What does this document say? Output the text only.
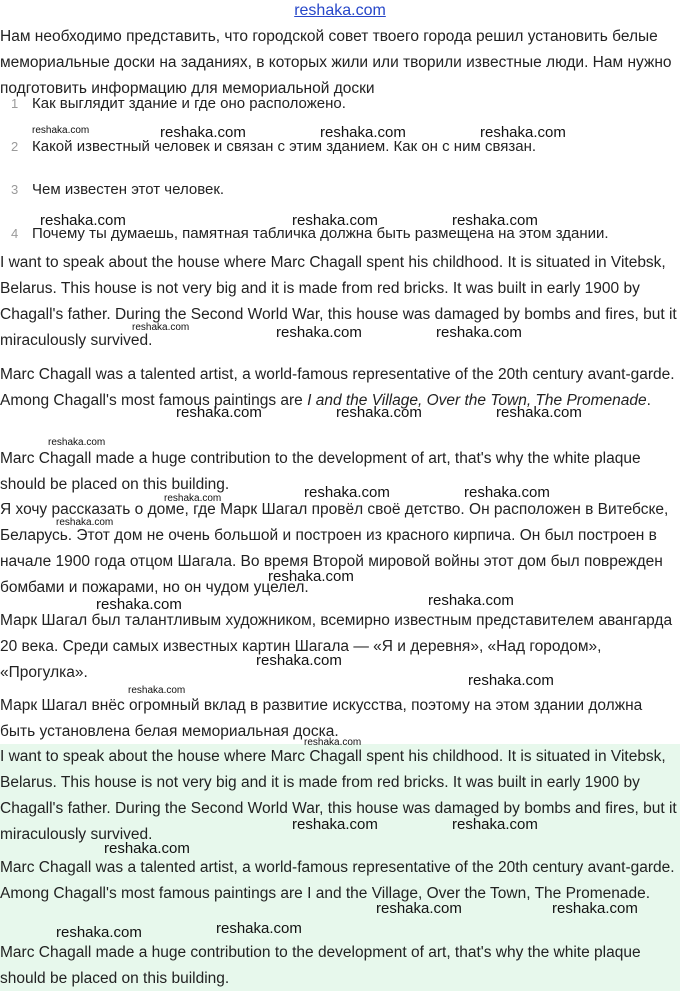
reshaka.com

Нам необходимо представить, что городской совет твоего города решил установить белые мемориальные доски на заданиях, в которых жили или творили известные люди. Нам нужно подготовить информацию для мемориальной доски

1 Как выглядит здание и где оно расположено.
2 Какой известный человек и связан с этим зданием. Как он с ним связан.
3 Чем известен этот человек.
4 Почему ты думаешь, памятная табличка должна быть размещена на этом здании.

I want to speak about the house where Marc Chagall spent his childhood. It is situated in Vitebsk, Belarus. This house is not very big and it is made from red bricks. It was built in early 1900 by Chagall's father. During the Second World War, this house was damaged by bombs and fires, but it miraculously survived.

Marc Chagall was a talented artist, a world-famous representative of the 20th century avant-garde. Among Chagall's most famous paintings are I and the Village, Over the Town, The Promenade.

Marc Chagall made a huge contribution to the development of art, that's why the white plaque should be placed on this building.

Я хочу рассказать о доме, где Марк Шагал провёл своё детство. Он расположен в Витебске, Беларусь. Этот дом не очень большой и построен из красного кирпича. Он был построен в начале 1900 года отцом Шагала. Во время Второй мировой войны этот дом был поврежден бомбами и пожарами, но он чудом уцелел.

Марк Шагал был талантливым художником, всемирно известным представителем авангарда 20 века. Среди самых известных картин Шагала — «Я и деревня», «Над городом», «Прогулка».

Марк Шагал внёс огромный вклад в развитие искусства, поэтому на этом здании должна быть установлена белая мемориальная доска.

I want to speak about the house where Marc Chagall spent his childhood. It is situated in Vitebsk, Belarus. This house is not very big and it is made from red bricks. It was built in early 1900 by Chagall's father. During the Second World War, this house was damaged by bombs and fires, but it miraculously survived.

Marc Chagall was a talented artist, a world-famous representative of the 20th century avant-garde. Among Chagall's most famous paintings are I and the Village, Over the Town, The Promenade.

Marc Chagall made a huge contribution to the development of art, that's why the white plaque should be placed on this building.

reshaka.com	reshaka.com	reshaka.com	reshaka.com
reshaka.com	reshaka.com	reshaka.com
reshaka.com	reshaka.com	reshaka.com
reshaka.com	reshaka.com	reshaka.com
reshaka.com
reshaka.com	reshaka.com
reshaka.com
reshaka.com
reshaka.com
reshaka.com
reshaka.com
reshaka.com
reshaka.com
reshaka.com
reshaka.com
reshaka.com	reshaka.com
reshaka.com
reshaka.com	reshaka.com
reshaka.com	reshaka.com
